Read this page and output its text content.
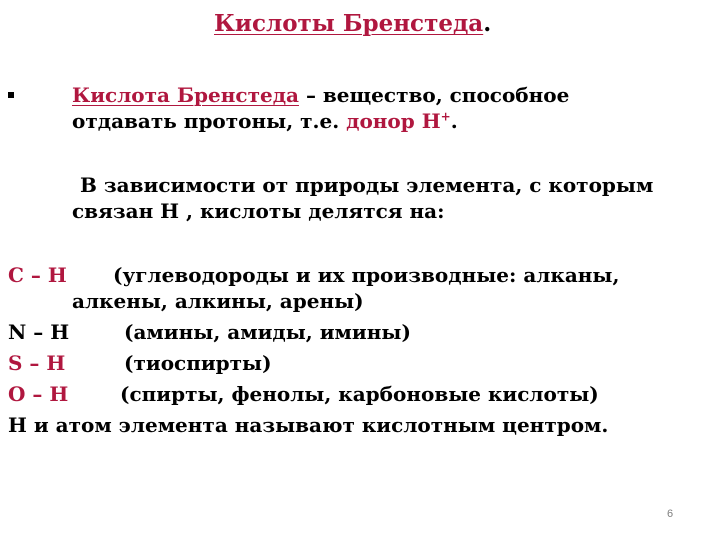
Кислоты Бренстеда.
Кислота Бренстеда – вещество, способное
отдавать протоны, т.е. донор Н+.
В зависимости от природы элемента, с которым
связан Н , кислоты делятся на:
С – Н (углеводороды и их производные: алканы,
алкены, алкины, арены)
N – H	(амины, амиды, имины)
S – H	(тиоспирты)
O – H	(спирты, фенолы, карбоновые кислоты)
Н и атом элемента называют кислотным центром.
6
